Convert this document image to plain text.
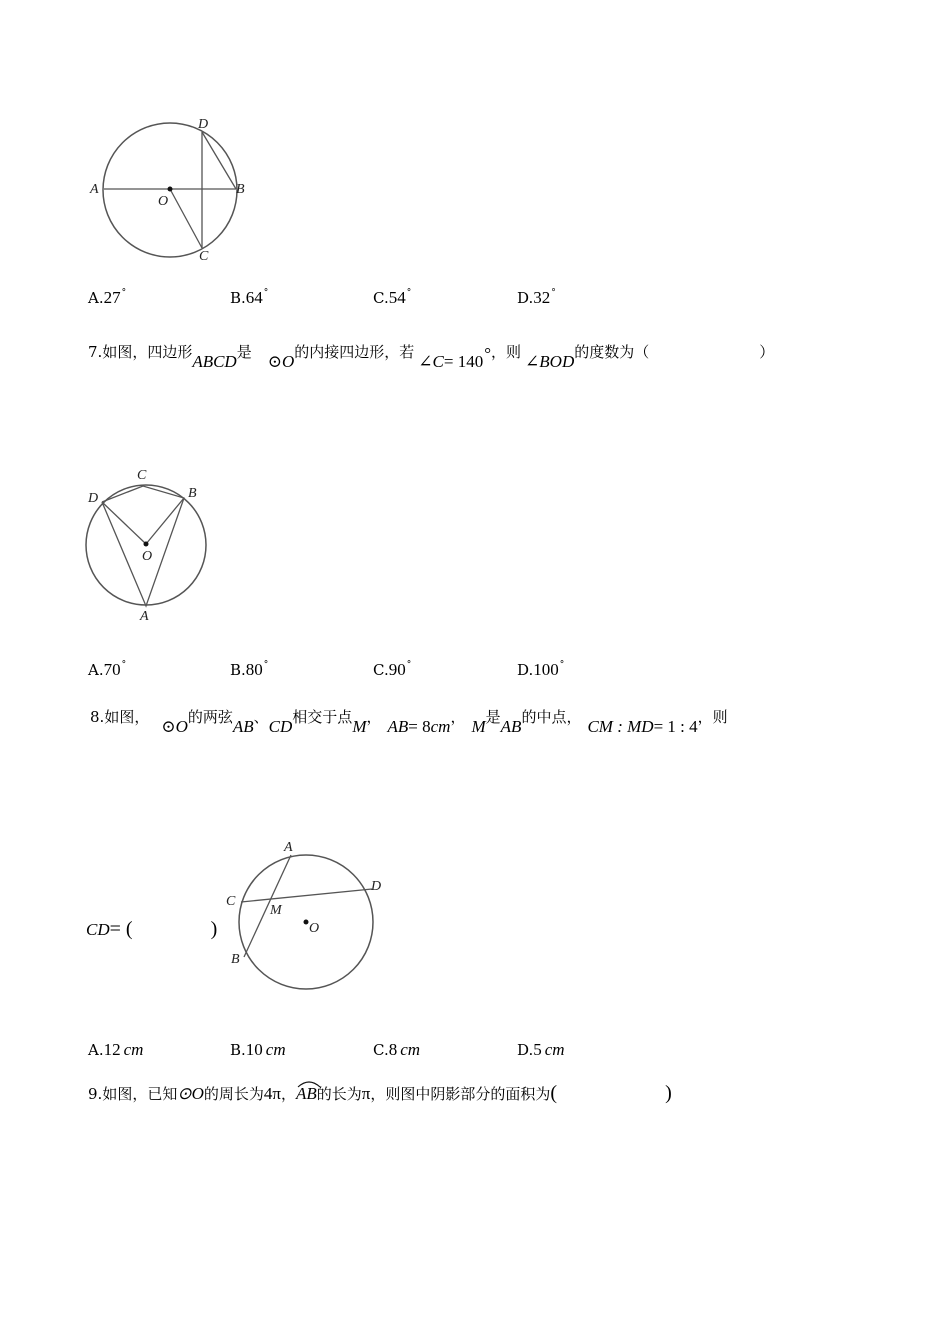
A	B
C
D
O
A.27°	B.64°	C.54°	D.32°
7.如图，四边形ABCD是 ⊙O的内接四边形，若 ∠C= 140°，则 ∠BOD的度数为（	）
A
B
C
D
O
A.70°	B.80°	C.90°	D.100°
8.如图， ⊙O的两弦AB、CD相交于点M， AB= 8cm， M是AB的中点， CM : MD= 1 : 4，则
CD= (	)
A
B
C
D
M
O
A.12 cm	B.10 cm	C.8 cm	D.5 cm
9.如图，已知⊙O的周长为4π，
AB的长为π，则图中阴影部分的面积为(	)
